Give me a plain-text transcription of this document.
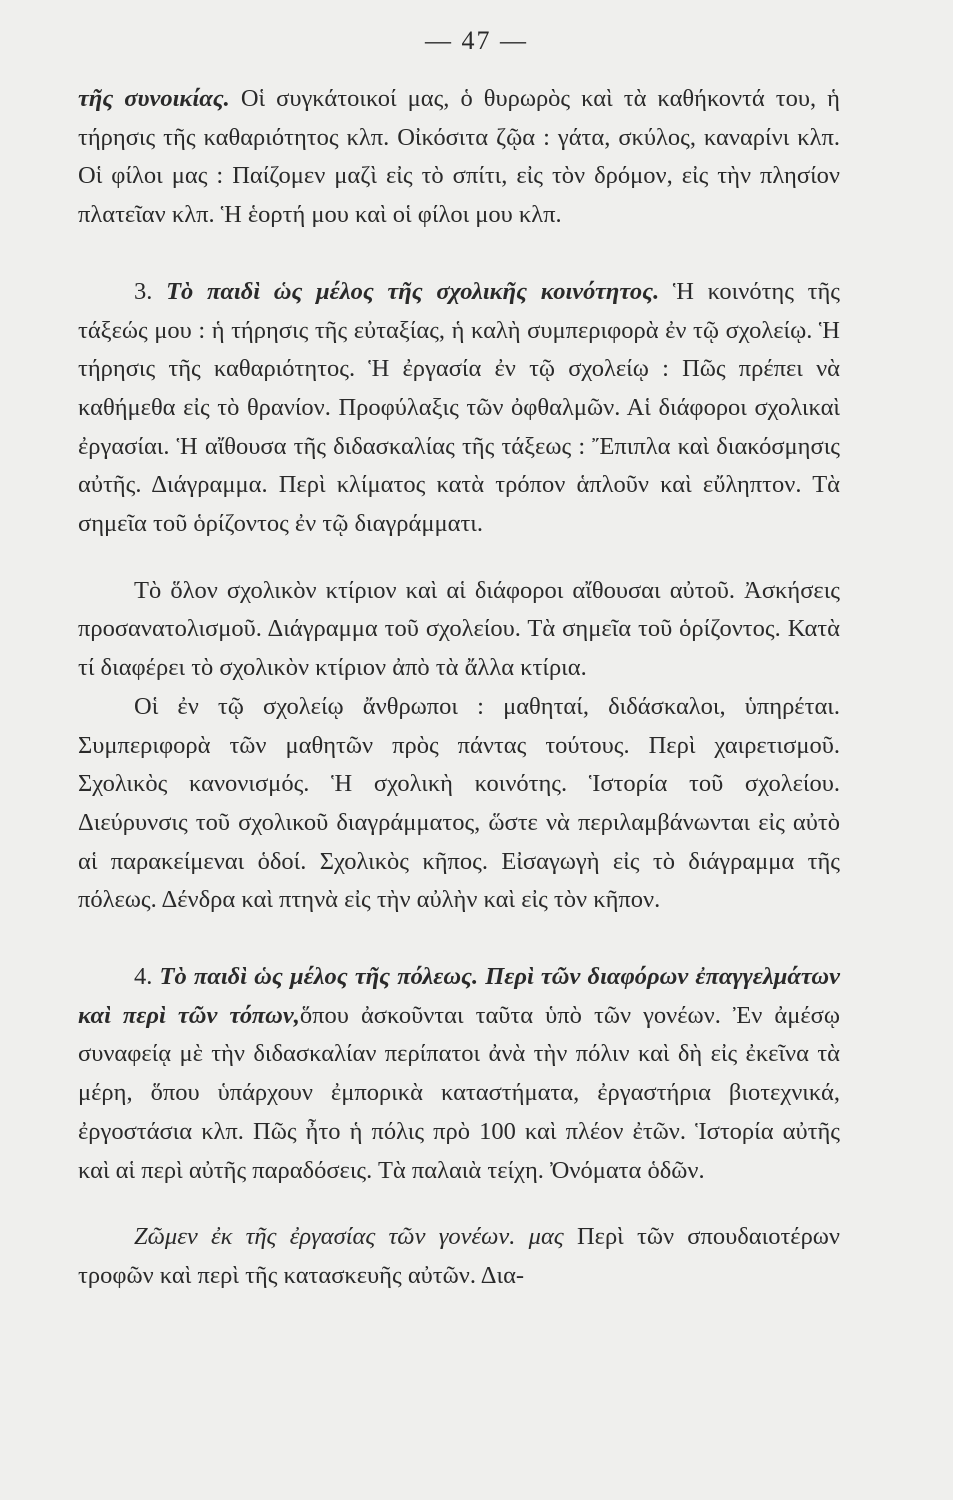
— 47 —

τῆς συνοικίας. Οἱ συγκάτοικοί μας, ὁ θυρωρὸς καὶ τὰ καθήκοντά του, ἡ τήρησις τῆς καθαριότητος κλπ. Οἰκόσιτα ζῷα : γάτα, σκύλος, καναρίνι κλπ. Οἱ φίλοι μας : Παίζομεν μαζὶ εἰς τὸ σπίτι, εἰς τὸν δρόμον, εἰς τὴν πλησίον πλατεῖαν κλπ. Ἡ ἑορτή μου καὶ οἱ φίλοι μου κλπ.

3. Τὸ παιδὶ ὡς μέλος τῆς σχολικῆς κοινότητος. Ἡ κοινότης τῆς τάξεώς μου : ἡ τήρησις τῆς εὐταξίας, ἡ καλὴ συμπεριφορὰ ἐν τῷ σχολείῳ. Ἡ τήρησις τῆς καθαριότητος. Ἡ ἐργασία ἐν τῷ σχολείῳ : Πῶς πρέπει νὰ καθήμεθα εἰς τὸ θρανίον. Προφύλαξις τῶν ὀφθαλμῶν. Αἱ διάφοροι σχολικαὶ ἐργασίαι. Ἡ αἴθουσα τῆς διδασκαλίας τῆς τάξεως : Ἔπιπλα καὶ διακόσμησις αὐτῆς. Διάγραμμα. Περὶ κλίματος κατὰ τρόπον ἁπλοῦν καὶ εὔληπτον. Τὰ σημεῖα τοῦ ὁρίζοντος ἐν τῷ διαγράμματι.

Τὸ ὅλον σχολικὸν κτίριον καὶ αἱ διάφοροι αἴθουσαι αὐτοῦ. Ἀσκήσεις προσανατολισμοῦ. Διάγραμμα τοῦ σχολείου. Τὰ σημεῖα τοῦ ὁρίζοντος. Κατὰ τί διαφέρει τὸ σχολικὸν κτίριον ἀπὸ τὰ ἄλλα κτίρια.

Οἱ ἐν τῷ σχολείῳ ἄνθρωποι : μαθηταί, διδάσκαλοι, ὑπηρέται. Συμπεριφορὰ τῶν μαθητῶν πρὸς πάντας τούτους. Περὶ χαιρετισμοῦ. Σχολικὸς κανονισμός. Ἡ σχολικὴ κοινότης. Ἱστορία τοῦ σχολείου. Διεύρυνσις τοῦ σχολικοῦ διαγράμματος, ὥστε νὰ περιλαμβάνωνται εἰς αὐτὸ αἱ παρακείμεναι ὁδοί. Σχολικὸς κῆπος. Εἰσαγωγὴ εἰς τὸ διάγραμμα τῆς πόλεως. Δένδρα καὶ πτηνὰ εἰς τὴν αὐλὴν καὶ εἰς τὸν κῆπον.

4. Τὸ παιδὶ ὡς μέλος τῆς πόλεως. Περὶ τῶν διαφόρων ἐπαγγελμάτων καὶ περὶ τῶν τόπων,ὅπου ἀσκοῦνται ταῦτα ὑπὸ τῶν γονέων. Ἐν ἀμέσῳ συναφείᾳ μὲ τὴν διδασκαλίαν περίπατοι ἀνὰ τὴν πόλιν καὶ δὴ εἰς ἐκεῖνα τὰ μέρη, ὅπου ὑπάρχουν ἐμπορικὰ καταστήματα, ἐργαστήρια βιοτεχνικά, ἐργοστάσια κλπ. Πῶς ἦτο ἡ πόλις πρὸ 100 καὶ πλέον ἐτῶν. Ἱστορία αὐτῆς καὶ αἱ περὶ αὐτῆς παραδόσεις. Τὰ παλαιὰ τείχη. Ὀνόματα ὁδῶν.

Ζῶμεν ἐκ τῆς ἐργασίας τῶν γονέων. μας Περὶ τῶν σπουδαιοτέρων τροφῶν καὶ περὶ τῆς κατασκευῆς αὐτῶν. Δια-
